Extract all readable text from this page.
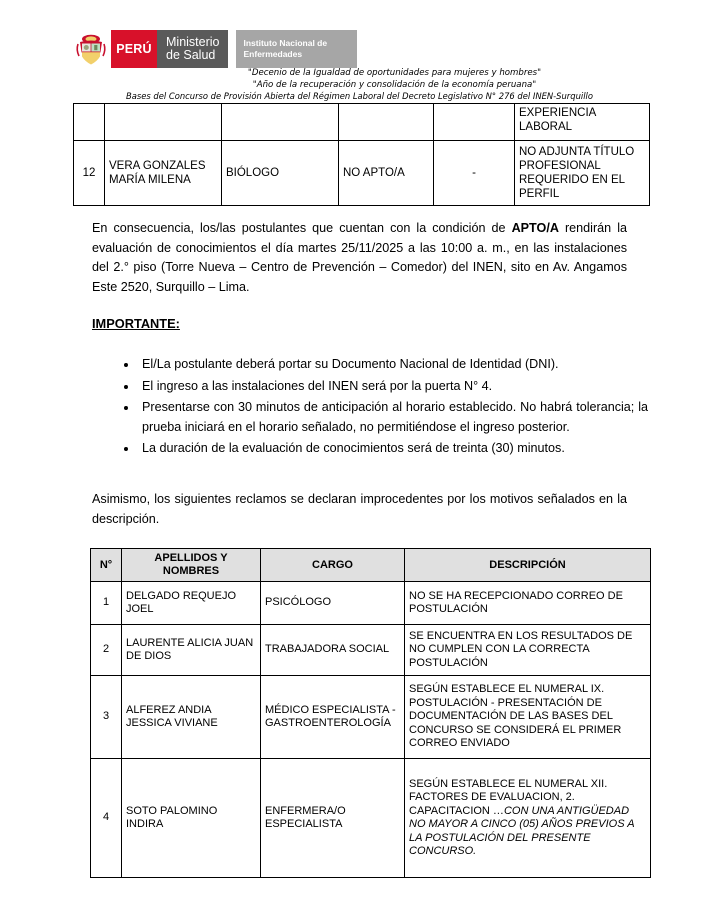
PERÚ
Ministerio
de Salud
Instituto Nacional de
Enfermedades
"Decenio de la Igualdad de oportunidades para mujeres y hombres"
"Año de la recuperación y consolidación de la economía peruana"
Bases del Concurso de Provisión Abierta del Régimen Laboral del Decreto Legislativo N° 276 del INEN-Surquillo
					EXPERIENCIA LABORAL
12	VERA GONZALES MARÍA MILENA	BIÓLOGO	NO APTO/A	-	NO ADJUNTA TÍTULO PROFESIONAL REQUERIDO EN EL PERFIL
En consecuencia, los/las postulantes que cuentan con la condición de APTO/A rendirán la evaluación de conocimientos el día martes 25/11/2025 a las 10:00 a. m., en las instalaciones del 2.° piso (Torre Nueva – Centro de Prevención – Comedor) del INEN, sito en Av. Angamos Este 2520, Surquillo – Lima.
IMPORTANTE:
• El/La postulante deberá portar su Documento Nacional de Identidad (DNI).
• El ingreso a las instalaciones del INEN será por la puerta N° 4.
• Presentarse con 30 minutos de anticipación al horario establecido. No habrá tolerancia; la prueba iniciará en el horario señalado, no permitiéndose el ingreso posterior.
• La duración de la evaluación de conocimientos será de treinta (30) minutos.
Asimismo, los siguientes reclamos se declaran improcedentes por los motivos señalados en la descripción.
N°	APELLIDOS Y NOMBRES	CARGO	DESCRIPCIÓN
1	DELGADO REQUEJO JOEL	PSICÓLOGO	NO SE HA RECEPCIONADO CORREO DE POSTULACIÓN
2	LAURENTE ALICIA JUAN DE DIOS	TRABAJADORA SOCIAL	SE ENCUENTRA EN LOS RESULTADOS DE NO CUMPLEN CON LA CORRECTA POSTULACIÓN
3	ALFEREZ ANDIA JESSICA VIVIANE	MÉDICO ESPECIALISTA - GASTROENTEROLOGÍA	SEGÚN ESTABLECE EL NUMERAL IX. POSTULACIÓN - PRESENTACIÓN DE DOCUMENTACIÓN DE LAS BASES DEL CONCURSO SE CONSIDERÁ EL PRIMER CORREO ENVIADO
4	SOTO PALOMINO INDIRA	ENFERMERA/O ESPECIALISTA	SEGÚN ESTABLECE EL NUMERAL XII. FACTORES DE EVALUACION, 2. CAPACITACION …CON UNA ANTIGÜEDAD NO MAYOR A CINCO (05) AÑOS PREVIOS A LA POSTULACIÓN DEL PRESENTE CONCURSO.
